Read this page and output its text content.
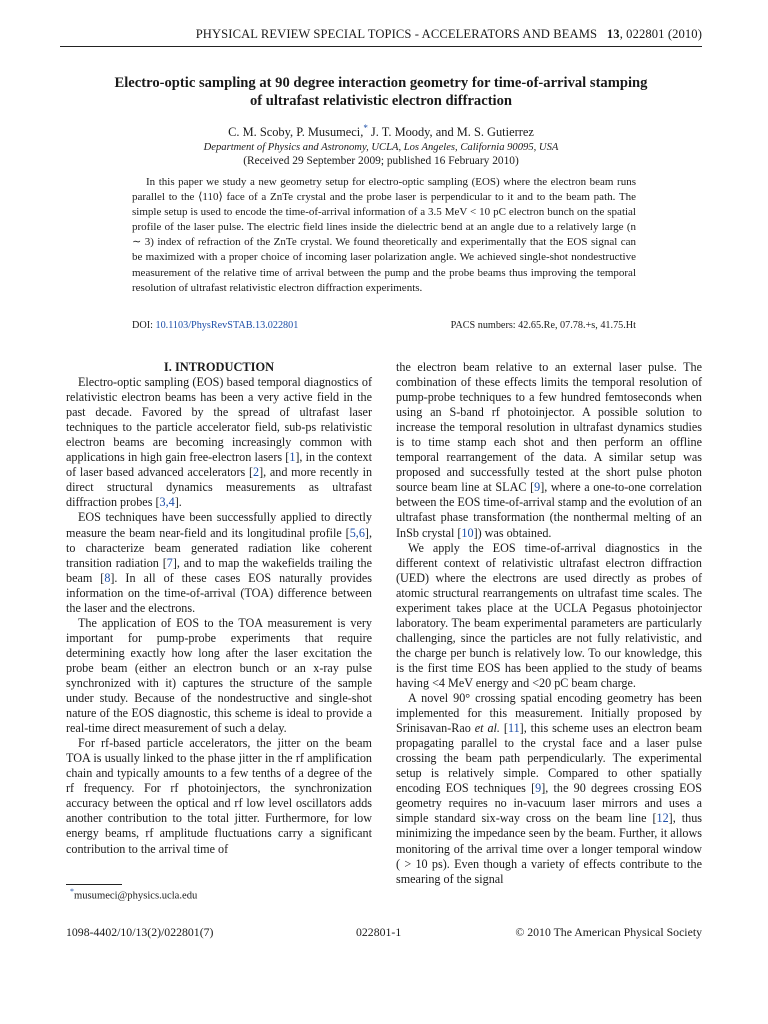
PHYSICAL REVIEW SPECIAL TOPICS - ACCELERATORS AND BEAMS 13, 022801 (2010)
Electro-optic sampling at 90 degree interaction geometry for time-of-arrival stamping
of ultrafast relativistic electron diffraction
C. M. Scoby, P. Musumeci,* J. T. Moody, and M. S. Gutierrez
Department of Physics and Astronomy, UCLA, Los Angeles, California 90095, USA
(Received 29 September 2009; published 16 February 2010)
In this paper we study a new geometry setup for electro-optic sampling (EOS) where the electron beam runs parallel to the ⟨110⟩ face of a ZnTe crystal and the probe laser is perpendicular to it and to the beam path. The simple setup is used to encode the time-of-arrival information of a 3.5 MeV < 10 pC electron bunch on the spatial profile of the laser pulse. The electric field lines inside the dielectric bend at an angle due to a relatively large (n ∼ 3) index of refraction of the ZnTe crystal. We found theoretically and experimentally that the EOS signal can be maximized with a proper choice of incoming laser polarization angle. We achieved single-shot nondestructive measurement of the relative time of arrival between the pump and the probe beams thus improving the temporal resolution of ultrafast relativistic electron diffraction experiments.
DOI: 10.1103/PhysRevSTAB.13.022801	PACS numbers: 42.65.Re, 07.78.+s, 41.75.Ht

I. INTRODUCTION

Electro-optic sampling (EOS) based temporal diagnostics of relativistic electron beams has been a very active field in the past decade. Favored by the spread of ultrafast laser techniques to the particle accelerator field, sub-ps relativistic electron beams are becoming increasingly common with applications in high gain free-electron lasers [1], in the context of laser based advanced accelerators [2], and more recently in direct structural dynamics measurements as ultrafast diffraction probes [3,4].

EOS techniques have been successfully applied to directly measure the beam near-field and its longitudinal profile [5,6], to characterize beam generated radiation like coherent transition radiation [7], and to map the wakefields trailing the beam [8]. In all of these cases EOS naturally provides information on the time-of-arrival (TOA) difference between the laser and the electrons.

The application of EOS to the TOA measurement is very important for pump-probe experiments that require determining exactly how long after the laser excitation the probe beam (either an electron bunch or an x-ray pulse synchronized with it) captures the structure of the sample under study. Because of the nondestructive and single-shot nature of the EOS diagnostic, this scheme is ideal to provide a real-time direct measurement of such a delay.

For rf-based particle accelerators, the jitter on the beam TOA is usually linked to the phase jitter in the rf amplification chain and typically amounts to a few tenths of a degree of the rf frequency. For rf photoinjectors, the synchronization accuracy between the optical and rf low level oscillators adds another contribution to the total jitter. Furthermore, for low energy beams, rf amplitude fluctuations carry a significant contribution to the arrival time of

the electron beam relative to an external laser pulse. The combination of these effects limits the temporal resolution of pump-probe techniques to a few hundred femtoseconds when using an S-band rf photoinjector. A possible solution to increase the temporal resolution in ultrafast dynamics studies is to time stamp each shot and then perform an offline temporal rearrangement of the data. A similar setup was proposed and successfully tested at the short pulse photon source beam line at SLAC [9], where a one-to-one correlation between the EOS time-of-arrival stamp and the evolution of an ultrafast phase transformation (the nonthermal melting of an InSb crystal [10]) was obtained.

We apply the EOS time-of-arrival diagnostics in the different context of relativistic ultrafast electron diffraction (UED) where the electrons are used directly as probes of atomic structural rearrangements on ultrafast time scales. The experiment takes place at the UCLA Pegasus photoinjector laboratory. The beam experimental parameters are particularly challenging, since the particles are not fully relativistic, and the charge per bunch is relatively low. To our knowledge, this is the first time EOS has been applied to the study of beams having <4 MeV energy and <20 pC beam charge.

A novel 90° crossing spatial encoding geometry has been implemented for this measurement. Initially proposed by Srinisavan-Rao et al. [11], this scheme uses an electron beam propagating parallel to the crystal face and a laser pulse crossing the beam path perpendicularly. The experimental setup is relatively simple. Compared to other spatially encoding EOS techniques [9], the 90 degrees crossing EOS geometry requires no in-vacuum laser mirrors and uses a simple standard six-way cross on the beam line [12], thus minimizing the impedance seen by the beam. Further, it allows monitoring of the arrival time over a longer temporal window ( > 10 ps). Even though a variety of effects contribute to the smearing of the signal

*musumeci@physics.ucla.edu
1098-4402/10/13(2)/022801(7)	022801-1	© 2010 The American Physical Society
